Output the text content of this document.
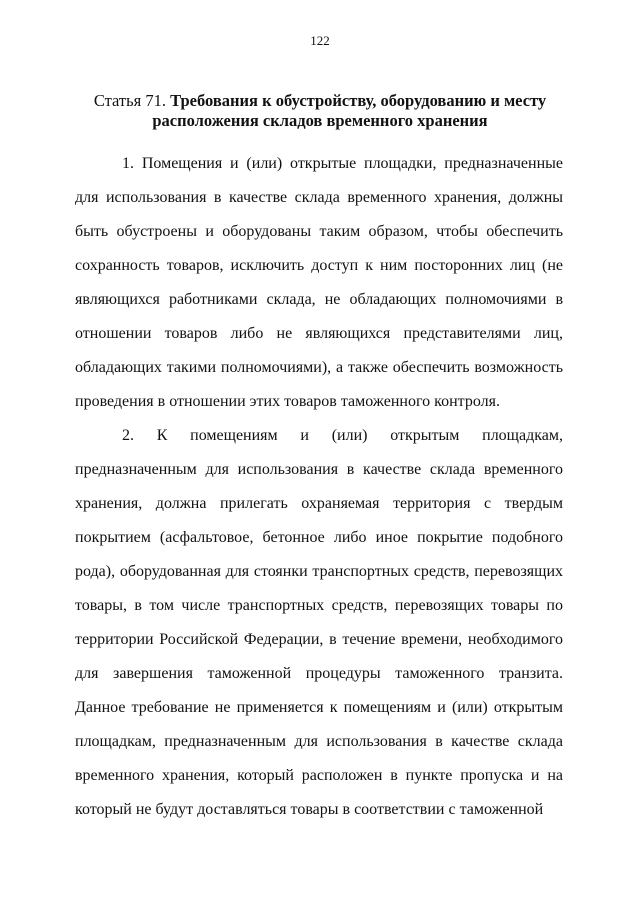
122
Статья 71. Требования к обустройству, оборудованию и месту расположения складов временного хранения

1. Помещения и (или) открытые площадки, предназначенные для использования в качестве склада временного хранения, должны быть обустроены и оборудованы таким образом, чтобы обеспечить сохранность товаров, исключить доступ к ним посторонних лиц (не являющихся работниками склада, не обладающих полномочиями в отношении товаров либо не являющихся представителями лиц, обладающих такими полномочиями), а также обеспечить возможность проведения в отношении этих товаров таможенного контроля.

2. К помещениям и (или) открытым площадкам, предназначенным для использования в качестве склада временного хранения, должна прилегать охраняемая территория с твердым покрытием (асфальтовое, бетонное либо иное покрытие подобного рода), оборудованная для стоянки транспортных средств, перевозящих товары, в том числе транспортных средств, перевозящих товары по территории Российской Федерации, в течение времени, необходимого для завершения таможенной процедуры таможенного транзита. Данное требование не применяется к помещениям и (или) открытым площадкам, предназначенным для использования в качестве склада временного хранения, который расположен в пункте пропуска и на который не будут доставляться товары в соответствии с таможенной
